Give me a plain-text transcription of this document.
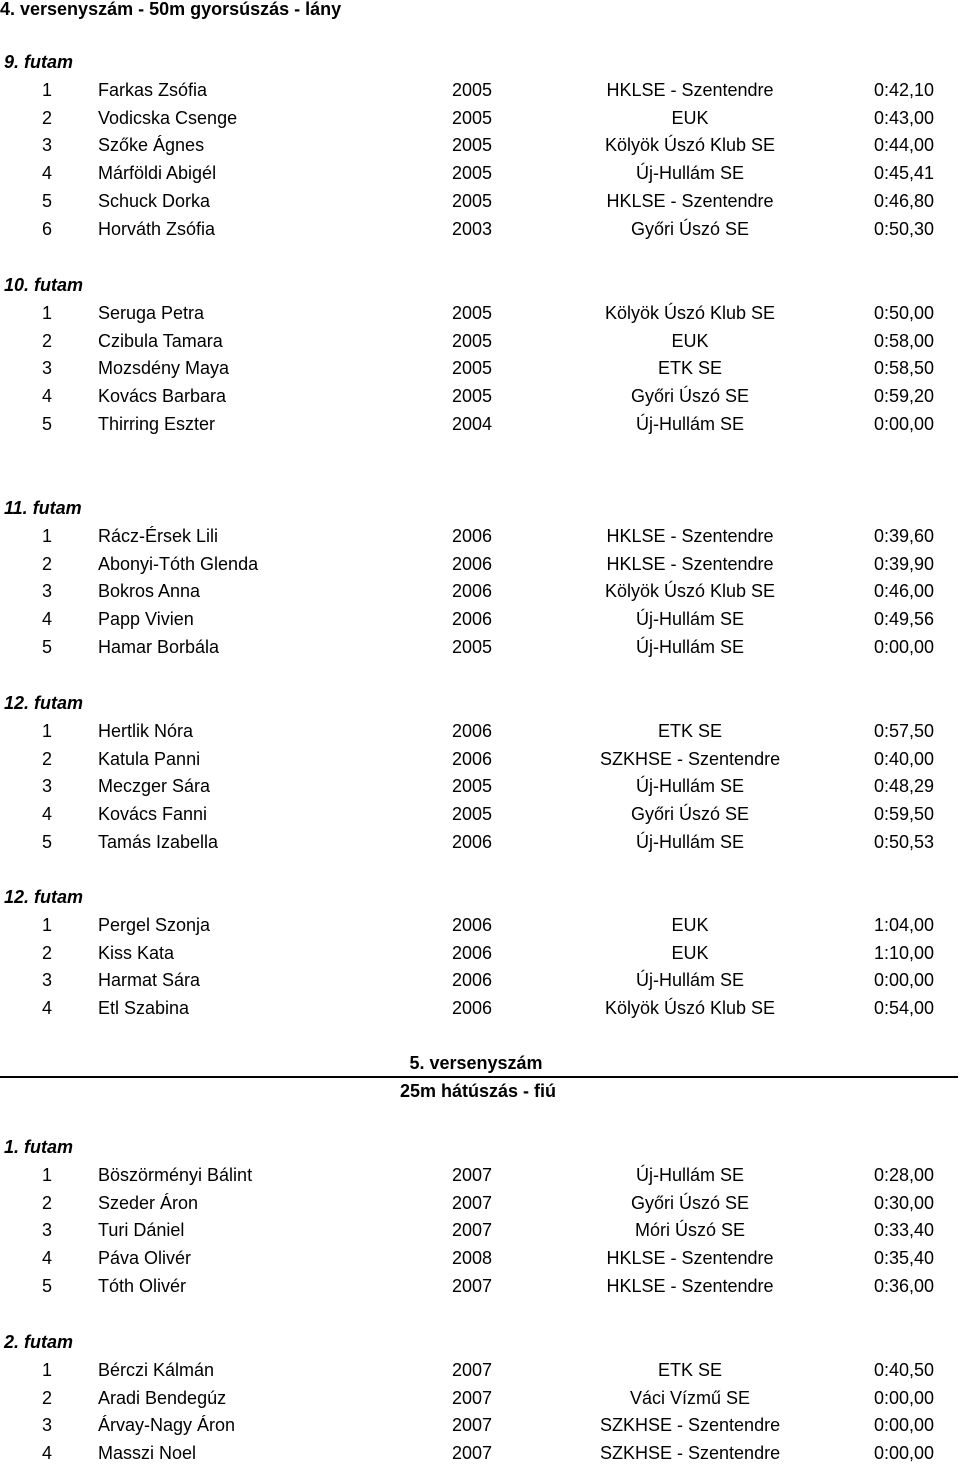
4. versenyszám - 50m gyorsúszás - lány
9. futam
1	Farkas Zsófia	2005	HKLSE - Szentendre	0:42,10
2	Vodicska Csenge	2005	EUK	0:43,00
3	Szőke Ágnes	2005	Kölyök Úszó Klub SE	0:44,00
4	Márföldi Abigél	2005	Új-Hullám SE	0:45,41
5	Schuck Dorka	2005	HKLSE - Szentendre	0:46,80
6	Horváth Zsófia	2003	Győri Úszó SE	0:50,30
10. futam
1	Seruga Petra	2005	Kölyök Úszó Klub SE	0:50,00
2	Czibula Tamara	2005	EUK	0:58,00
3	Mozsdény Maya	2005	ETK SE	0:58,50
4	Kovács Barbara	2005	Győri Úszó SE	0:59,20
5	Thirring Eszter	2004	Új-Hullám SE	0:00,00
11. futam
1	Rácz-Érsek Lili	2006	HKLSE - Szentendre	0:39,60
2	Abonyi-Tóth Glenda	2006	HKLSE - Szentendre	0:39,90
3	Bokros Anna	2006	Kölyök Úszó Klub SE	0:46,00
4	Papp Vivien	2006	Új-Hullám SE	0:49,56
5	Hamar Borbála	2005	Új-Hullám SE	0:00,00
12. futam
1	Hertlik Nóra	2006	ETK SE	0:57,50
2	Katula Panni	2006	SZKHSE - Szentendre	0:40,00
3	Meczger Sára	2005	Új-Hullám SE	0:48,29
4	Kovács Fanni	2005	Győri Úszó SE	0:59,50
5	Tamás Izabella	2006	Új-Hullám SE	0:50,53
12. futam
1	Pergel Szonja	2006	EUK	1:04,00
2	Kiss Kata	2006	EUK	1:10,00
3	Harmat Sára	2006	Új-Hullám SE	0:00,00
4	Etl Szabina	2006	Kölyök Úszó Klub SE	0:54,00
5. versenyszám
25m hátúszás - fiú
1. futam
1	Böszörményi Bálint	2007	Új-Hullám SE	0:28,00
2	Szeder Áron	2007	Győri Úszó SE	0:30,00
3	Turi Dániel	2007	Móri Úszó SE	0:33,40
4	Páva Olivér	2008	HKLSE - Szentendre	0:35,40
5	Tóth Olivér	2007	HKLSE - Szentendre	0:36,00
2. futam
1	Bérczi Kálmán	2007	ETK SE	0:40,50
2	Aradi Bendegúz	2007	Váci Vízmű SE	0:00,00
3	Árvay-Nagy Áron	2007	SZKHSE - Szentendre	0:00,00
4	Masszi Noel	2007	SZKHSE - Szentendre	0:00,00
